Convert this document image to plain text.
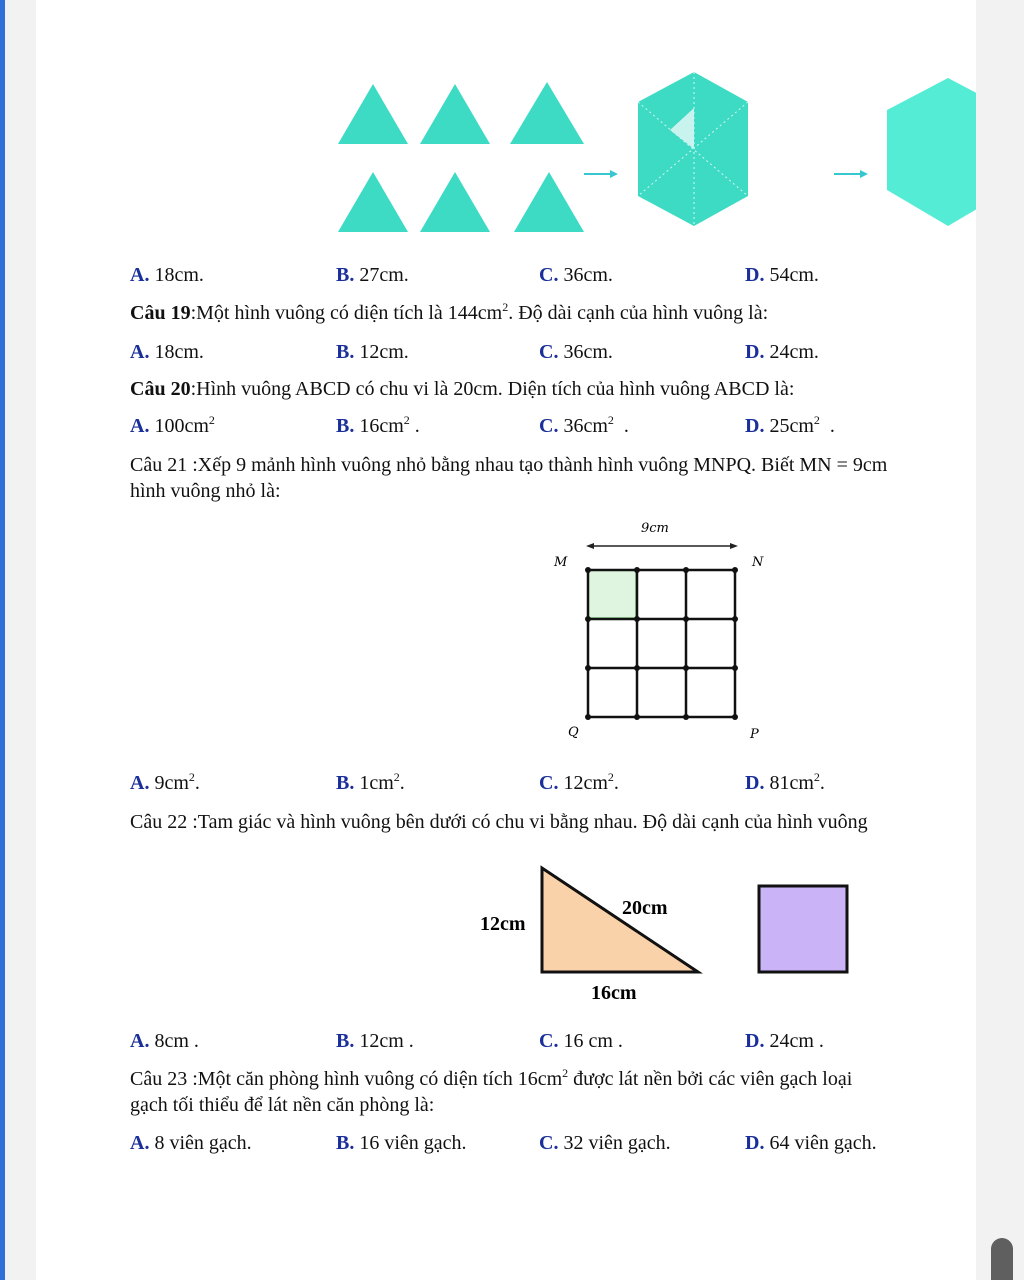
A. 18cm.	B. 27cm.	C. 36cm.	D. 54cm.
Câu 19:Một hình vuông có diện tích là $144cm^2$. Độ dài cạnh của hình vuông là:
A. 18cm.	B. 12cm.	C. 36cm.	D. 24cm.
Câu 20:Hình vuông ABCD có chu vi là 20cm. Diện tích của hình vuông ABCD là:
A. $100cm^2$	B. $16cm^2$ .	C. $36cm^2$  .	D. $25cm^2$  .
Câu 21 :Xếp 9 mảnh hình vuông nhỏ bằng nhau tạo thành hình vuông MNPQ. Biết MN = 9cm
hình vuông nhỏ là:
9cm
M	N
Q	P
A. $9cm^2$.	B. $1cm^2$.	C. $12cm^2$.	D. $81cm^2$.
Câu 22 :Tam giác và hình vuông bên dưới có chu vi bằng nhau. Độ dài cạnh của hình vuông
12cm
20cm
16cm
A. 8cm .	B. 12cm .	C. 16 cm .	D. 24cm .
Câu 23 :Một căn phòng hình vuông có diện tích $16cm^2$ được lát nền bởi các viên gạch loại
gạch tối thiểu để lát nền căn phòng là:
A. 8 viên gạch.	B. 16 viên gạch.	C. 32 viên gạch.	D. 64 viên gạch.
